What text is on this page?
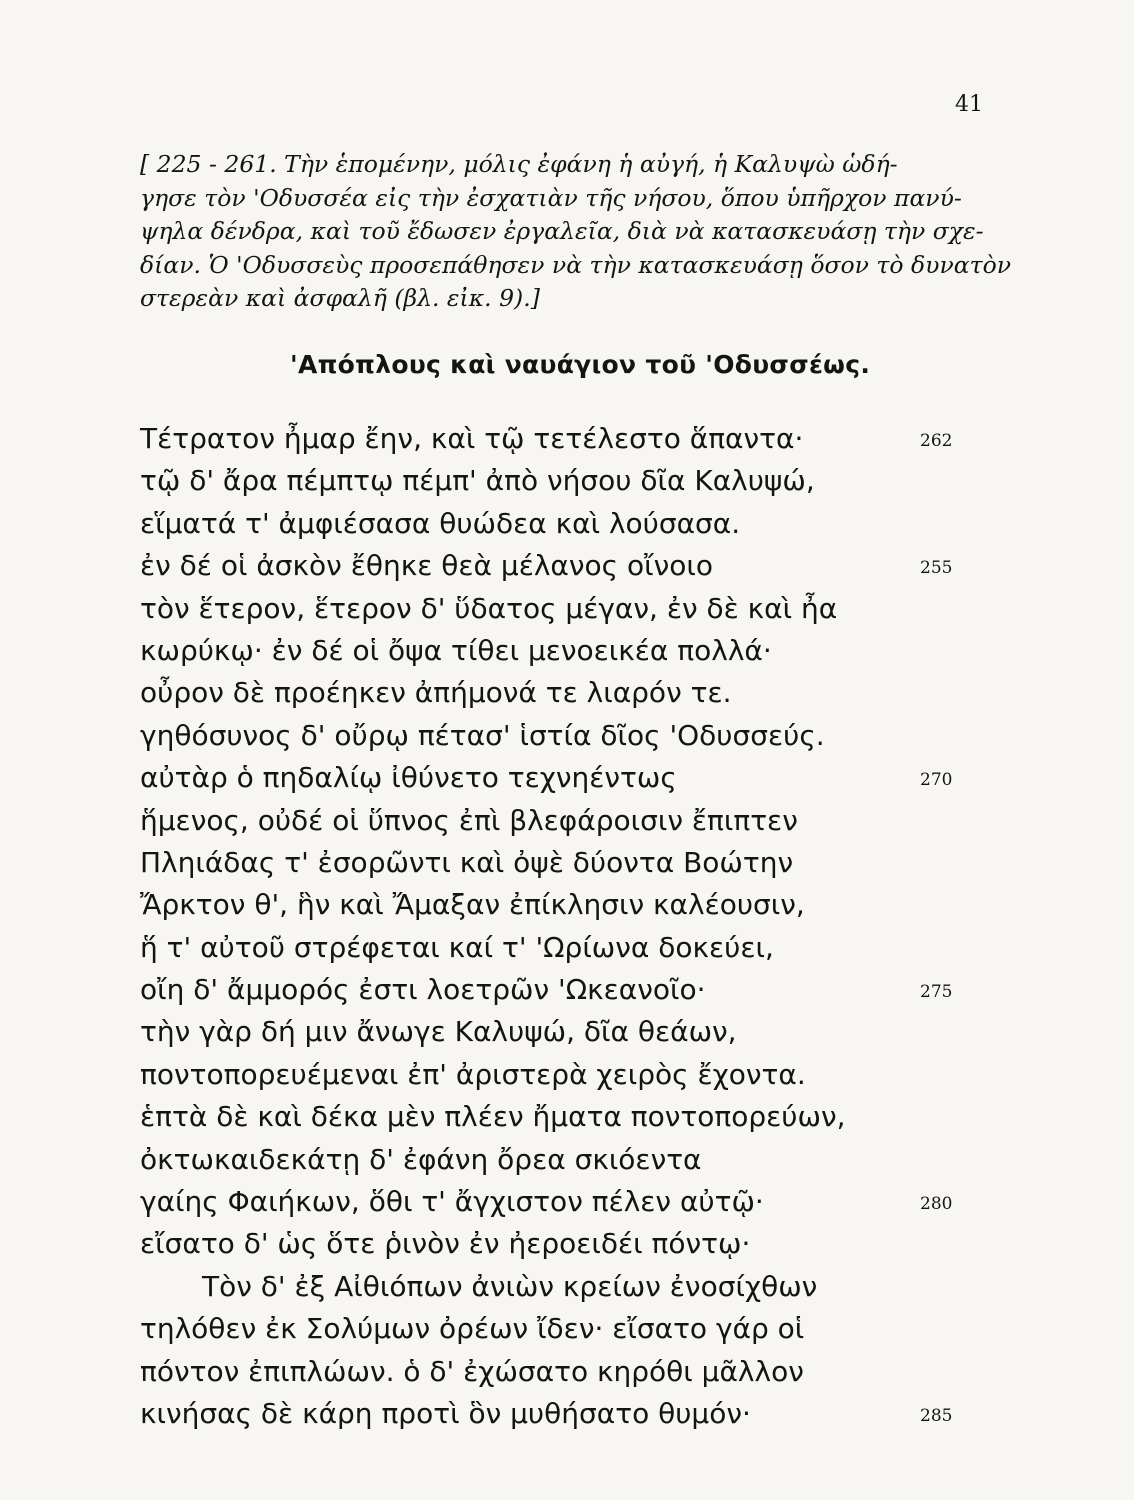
41
[ 225 - 261. Τὴν ἑπομένην, μόλις ἐφάνη ἡ αὐγή, ἡ Καλυψὼ ὡδή-
γησε τὸν 'Οδυσσέα εἰς τὴν ἐσχατιὰν τῆς νήσου, ὅπου ὑπῆρχον πανύ-
ψηλα δένδρα, καὶ τοῦ ἔδωσεν ἐργαλεῖα, διὰ νὰ κατασκευάσῃ τὴν σχε-
δίαν. Ὁ 'Οδυσσεὺς προσεπάθησεν νὰ τὴν κατασκευάσῃ ὅσον τὸ δυνατὸν
στερεὰν καὶ ἀσφαλῆ (βλ. εἰκ. 9).]
'Απόπλους καὶ ναυάγιον τοῦ 'Οδυσσέως.
Τέτρατον ἦμαρ ἔην, καὶ τῷ τετέλεστο ἅπαντα·	262
τῷ δ' ἄρα πέμπτῳ πέμπ' ἀπὸ νήσου δῖα Καλυψώ,
εἵματά τ' ἀμφιέσασα θυώδεα καὶ λούσασα.
ἐν δέ οἱ ἀσκὸν ἔθηκε θεὰ μέλανος οἴνοιο	255
τὸν ἕτερον, ἕτερον δ' ὕδατος μέγαν, ἐν δὲ καὶ ἦα
κωρύκῳ· ἐν δέ οἱ ὄψα τίθει μενοεικέα πολλά·
οὖρον δὲ προέηκεν ἀπήμονά τε λιαρόν τε.
γηθόσυνος δ' οὔρῳ πέτασ' ἱστία δῖος 'Οδυσσεύς.
αὐτὰρ ὁ πηδαλίῳ ἰθύνετο τεχνηέντως	270
ἥμενος, οὐδέ οἱ ὕπνος ἐπὶ βλεφάροισιν ἔπιπτεν
Πληιάδας τ' ἐσορῶντι καὶ ὀψὲ δύοντα Βοώτην
Ἄρκτον θ', ἣν καὶ Ἄμαξαν ἐπίκλησιν καλέουσιν,
ἥ τ' αὐτοῦ στρέφεται καί τ' 'Ωρίωνα δοκεύει,
οἴη δ' ἄμμορός ἐστι λοετρῶν 'Ωκεανοῖο·	275
τὴν γὰρ δή μιν ἄνωγε Καλυψώ, δῖα θεάων,
ποντοπορευέμεναι ἐπ' ἀριστερὰ χειρὸς ἔχοντα.
ἑπτὰ δὲ καὶ δέκα μὲν πλέεν ἤματα ποντοπορεύων,
ὀκτωκαιδεκάτῃ δ' ἐφάνη ὄρεα σκιόεντα
γαίης Φαιήκων, ὅθι τ' ἄγχιστον πέλεν αὐτῷ·	280
εἴσατο δ' ὡς ὅτε ῥινὸν ἐν ἠεροειδέι πόντῳ·
Τὸν δ' ἐξ Αἰθιόπων ἀνιὼν κρείων ἐνοσίχθων
τηλόθεν ἐκ Σολύμων ὀρέων ἴδεν· εἴσατο γάρ οἱ
πόντον ἐπιπλώων. ὁ δ' ἐχώσατο κηρόθι μᾶλλον
κινήσας δὲ κάρη προτὶ ὃν μυθήσατο θυμόν·	285
